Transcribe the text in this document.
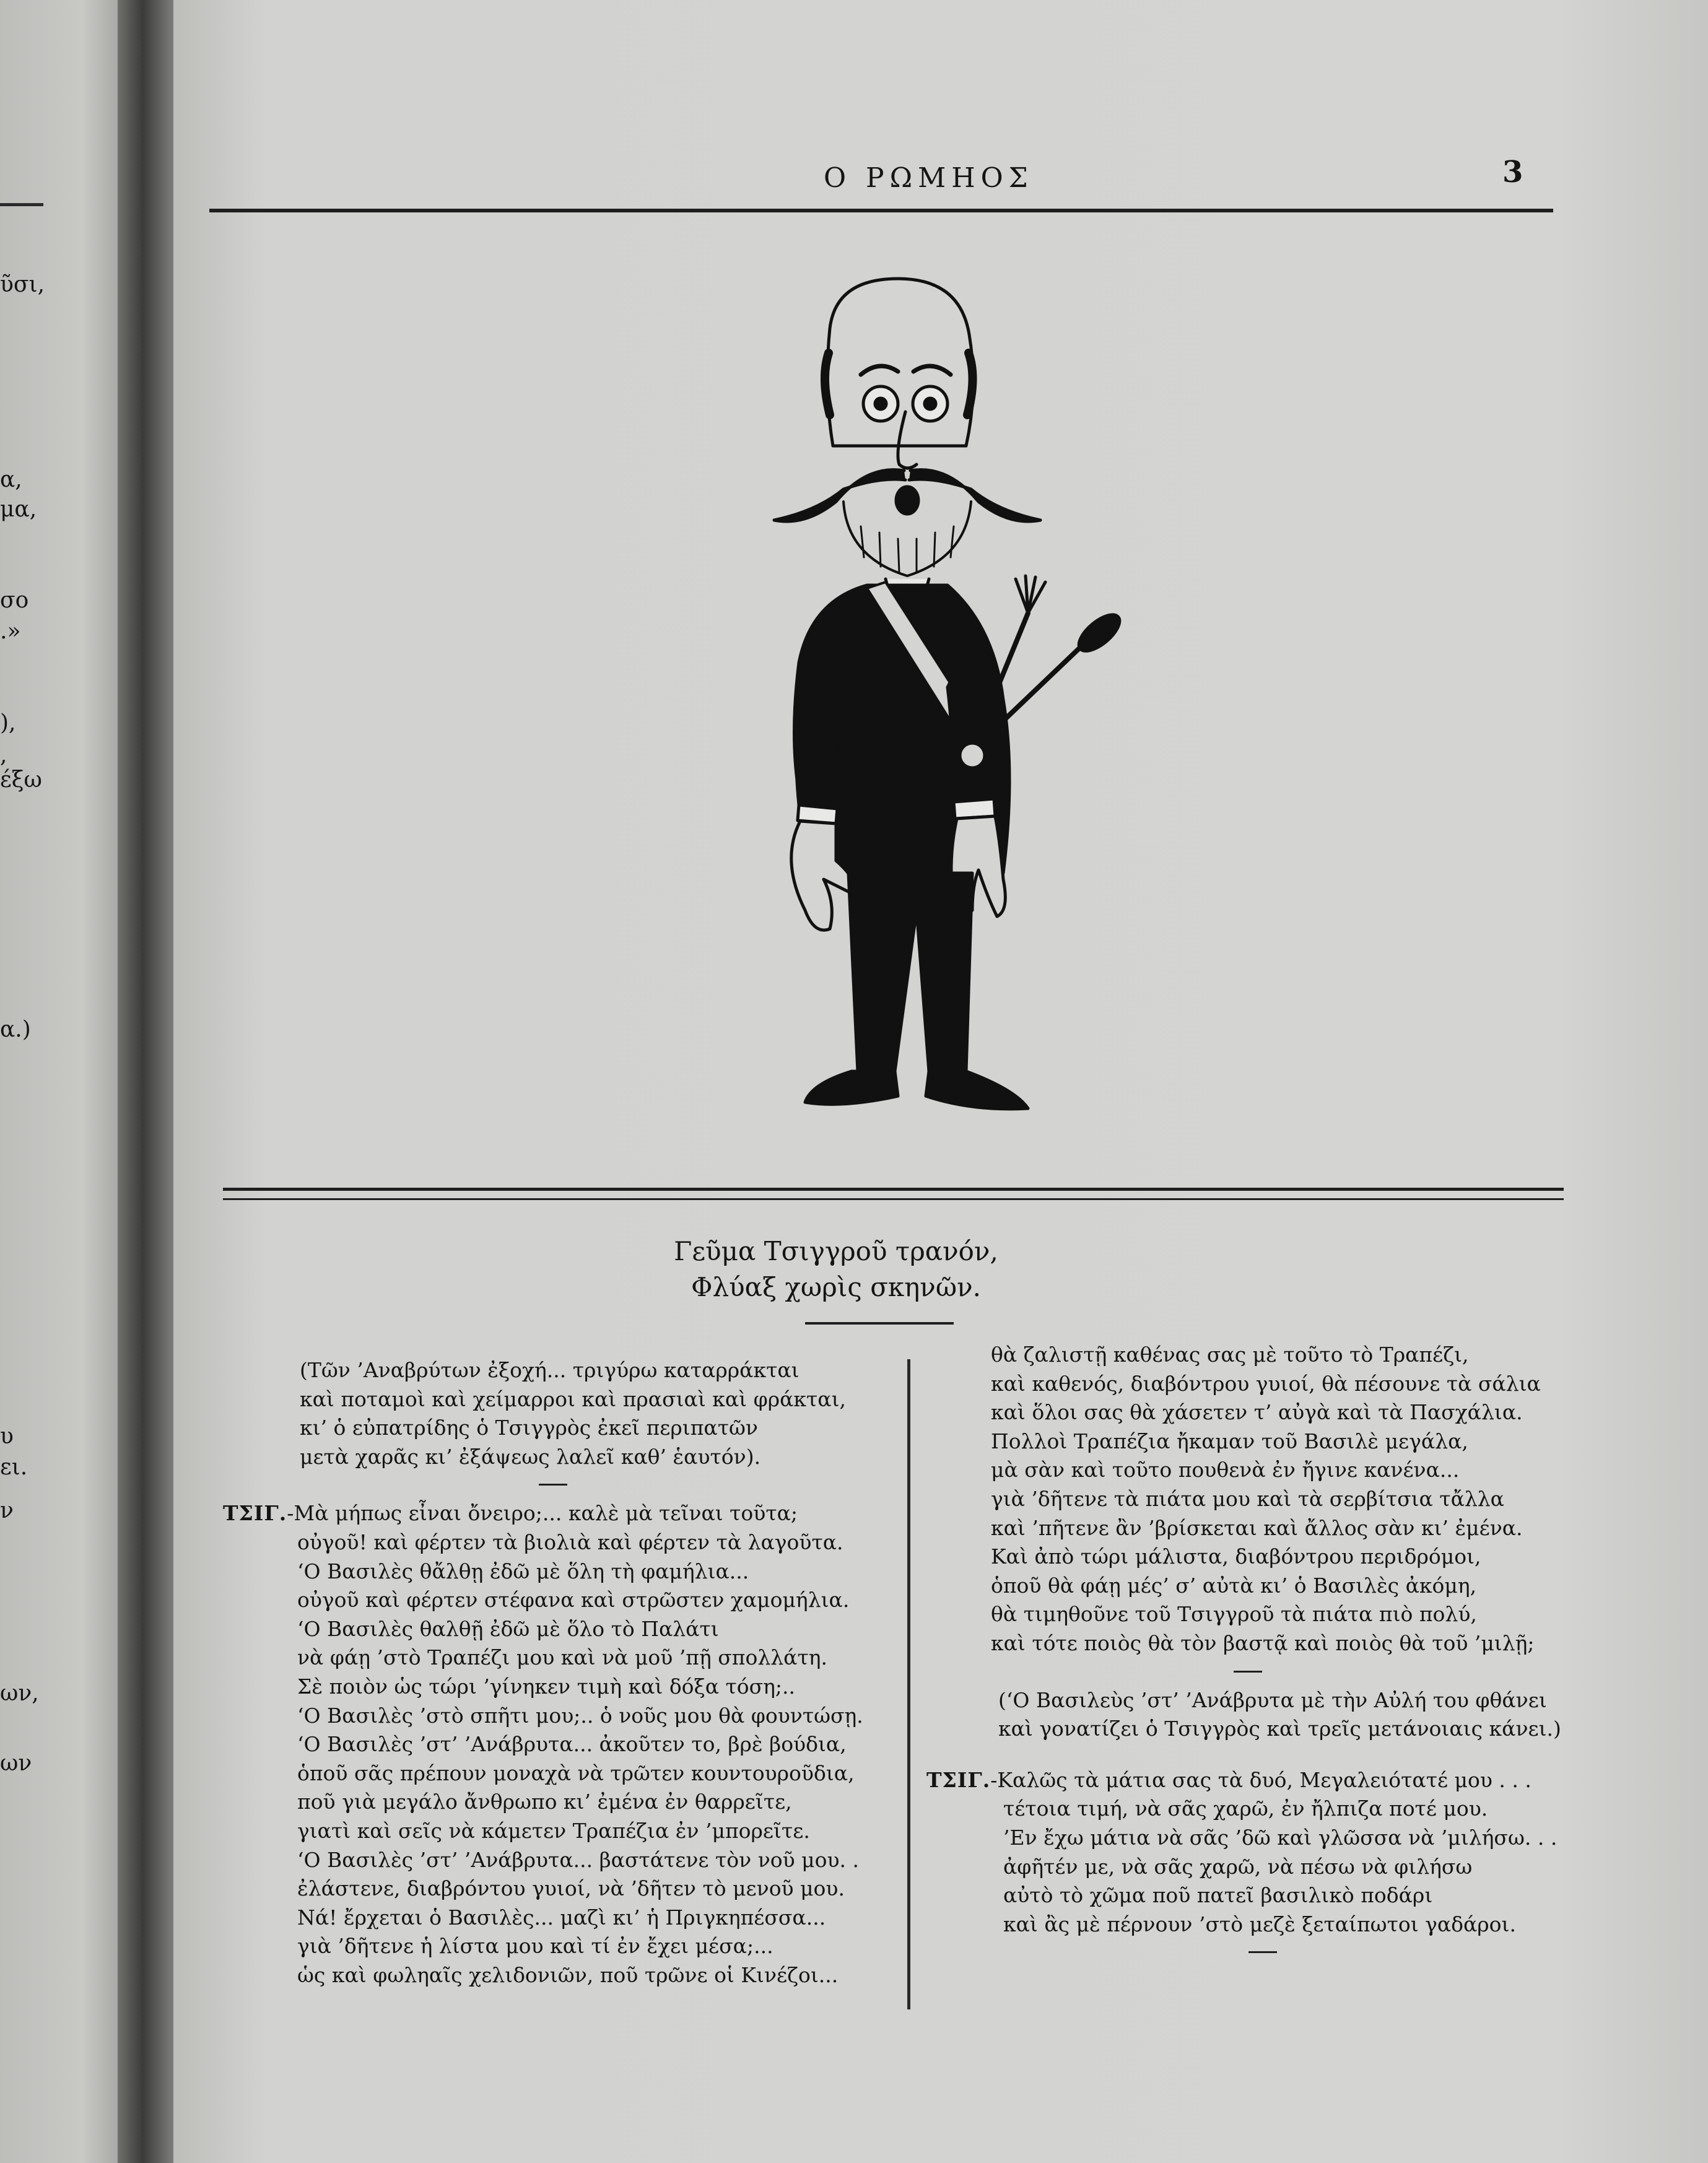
ῦσι,
α,
μα,
σο
.»
),
,
έξω
α.)
υ
ει.
ν
ων,
ων
Ο ΡΩΜΗΟΣ	3
Γεῦμα Τσιγγροῦ τρανόν,
Φλύαξ χωρὶς σκηνῶν.

(Τῶν ’Αναβρύτων ἐξοχή... τριγύρω καταρράκται

καὶ ποταμοὶ καὶ χείμαρροι καὶ πρασιαὶ καὶ φράκται,

κι’ ὁ εὐπατρίδης ὁ Τσιγγρὸς ἐκεῖ περιπατῶν

μετὰ χαρᾶς κι’ ἐξάψεως λαλεῖ καθ’ ἑαυτόν).

ΤΣΙΓ.-Μὰ μήπως εἶναι ὄνειρο;... καλὲ μὰ τεῖναι τοῦτα;

οὐγοῦ! καὶ φέρτεν τὰ βιολιὰ καὶ φέρτεν τὰ λαγοῦτα.

‘Ο Βασιλὲς θἄλθῃ ἐδῶ μὲ ὅλη τὴ φαμήλια...

οὐγοῦ καὶ φέρτεν στέφανα καὶ στρῶστεν χαμομήλια.

‘Ο Βασιλὲς θαλθῇ ἐδῶ μὲ ὅλο τὸ Παλάτι

νὰ φάῃ ’στὸ Τραπέζι μου καὶ νὰ μοῦ ’πῇ σπολλάτη.

Σὲ ποιὸν ὡς τώρι ’γίνηκεν τιμὴ καὶ δόξα τόση;..

‘Ο Βασιλὲς ’στὸ σπῆτι μου;.. ὁ νοῦς μου θὰ φουντώσῃ.

‘Ο Βασιλὲς ’στ’ ’Ανάβρυτα... ἀκοῦτεν το, βρὲ βούδια,

ὁποῦ σᾶς πρέπουν μοναχὰ νὰ τρῶτεν κουντουροῦδια,

ποῦ γιὰ μεγάλο ἄνθρωπο κι’ ἐμένα ἐν θαρρεῖτε,

γιατὶ καὶ σεῖς νὰ κάμετεν Τραπέζια ἐν ’μπορεῖτε.

‘Ο Βασιλὲς ’στ’ ’Ανάβρυτα... βαστάτενε τὸν νοῦ μου. .

ἐλάστενε, διαβρόντου γυιοί, νὰ ’δῆτεν τὸ μενοῦ μου.

Νά! ἔρχεται ὁ Βασιλὲς... μαζὶ κι’ ἡ Πριγκηπέσσα...

γιὰ ’δῆτενε ἡ λίστα μου καὶ τί ἐν ἔχει μέσα;...

ὡς καὶ φωληαῖς χελιδονιῶν, ποῦ τρῶνε οἱ Κινέζοι...

θὰ ζαλιστῇ καθένας σας μὲ τοῦτο τὸ Τραπέζι,

καὶ καθενός, διαβόντρου γυιοί, θὰ πέσουνε τὰ σάλια

καὶ ὅλοι σας θὰ χάσετεν τ’ αὐγὰ καὶ τὰ Πασχάλια.

Πολλοὶ Τραπέζια ἤκαμαν τοῦ Βασιλὲ μεγάλα,

μὰ σὰν καὶ τοῦτο πουθενὰ ἐν ἤγινε κανένα...

γιὰ ’δῆτενε τὰ πιάτα μου καὶ τὰ σερβίτσια τἄλλα

καὶ ’πῆτενε ἂν ’βρίσκεται καὶ ἄλλος σὰν κι’ ἐμένα.

Καὶ ἀπὸ τώρι μάλιστα, διαβόντρου περιδρόμοι,

ὁποῦ θὰ φάῃ μές’ σ’ αὐτὰ κι’ ὁ Βασιλὲς ἀκόμη,

θὰ τιμηθοῦνε τοῦ Τσιγγροῦ τὰ πιάτα πιὸ πολύ,

καὶ τότε ποιὸς θὰ τὸν βαστᾷ καὶ ποιὸς θὰ τοῦ ’μιλῇ;

(‘Ο Βασιλεὺς ’στ’ ’Ανάβρυτα μὲ τὴν Αὐλή του φθάνει

καὶ γονατίζει ὁ Τσιγγρὸς καὶ τρεῖς μετάνοιαις κάνει.)

ΤΣΙΓ.-Καλῶς τὰ μάτια σας τὰ δυό, Μεγαλειότατέ μου . . .

τέτοια τιμή, νὰ σᾶς χαρῶ, ἐν ἤλπιζα ποτέ μου.

’Εν ἔχω μάτια νὰ σᾶς ’δῶ καὶ γλῶσσα νὰ ’μιλήσω. . .

ἀφῆτέν με, νὰ σᾶς χαρῶ, νὰ πέσω νὰ φιλήσω

αὐτὸ τὸ χῶμα ποῦ πατεῖ βασιλικὸ ποδάρι

καὶ ἂς μὲ πέρνουν ’στὸ μεζὲ ξεταίπωτοι γαδάροι.
